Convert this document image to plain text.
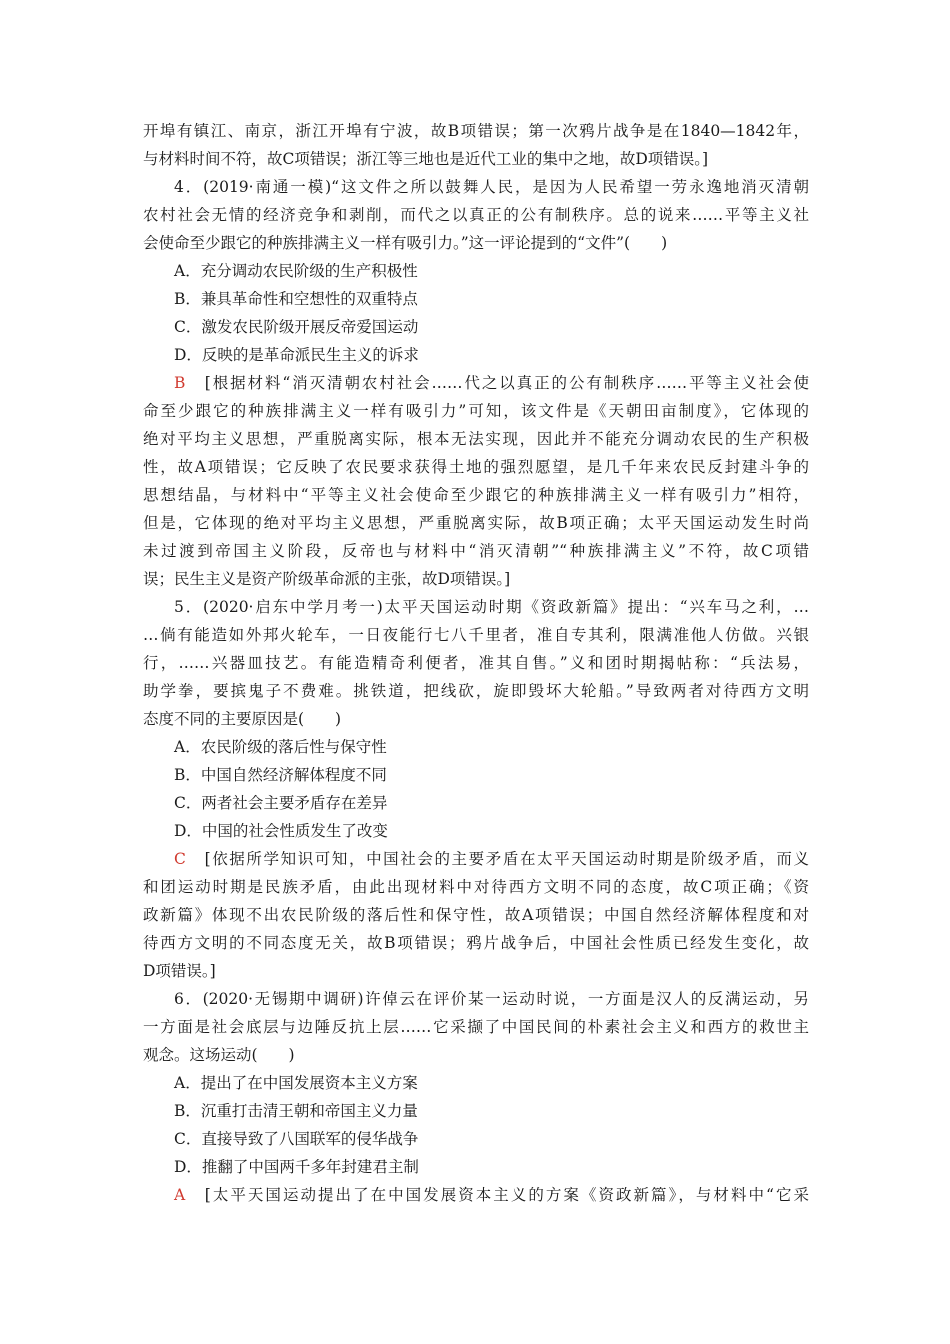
开埠有镇江、南京，浙江开埠有宁波，故B项错误；第一次鸦片战争是在1840—1842年，
与材料时间不符，故C项错误；浙江等三地也是近代工业的集中之地，故D项错误。]
4．(2019·南通一模)“这文件之所以鼓舞人民，是因为人民希望一劳永逸地消灭清朝
农村社会无情的经济竞争和剥削，而代之以真正的公有制秩序。总的说来……平等主义社
会使命至少跟它的种族排满主义一样有吸引力。”这一评论提到的“文件”(　　)
A．充分调动农民阶级的生产积极性
B．兼具革命性和空想性的双重特点
C．激发农民阶级开展反帝爱国运动
D．反映的是革命派民生主义的诉求
B　[根据材料“消灭清朝农村社会……代之以真正的公有制秩序……平等主义社会使
命至少跟它的种族排满主义一样有吸引力”可知，该文件是《天朝田亩制度》，它体现的
绝对平均主义思想，严重脱离实际，根本无法实现，因此并不能充分调动农民的生产积极
性，故A项错误；它反映了农民要求获得土地的强烈愿望，是几千年来农民反封建斗争的
思想结晶，与材料中“平等主义社会使命至少跟它的种族排满主义一样有吸引力”相符，
但是，它体现的绝对平均主义思想，严重脱离实际，故B项正确；太平天国运动发生时尚
未过渡到帝国主义阶段，反帝也与材料中“消灭清朝”“种族排满主义”不符，故C项错
误；民生主义是资产阶级革命派的主张，故D项错误。]
5．(2020·启东中学月考一)太平天国运动时期《资政新篇》提出：“兴车马之利，…
…倘有能造如外邦火轮车，一日夜能行七八千里者，准自专其利，限满准他人仿做。兴银
行，……兴器皿技艺。有能造精奇利便者，准其自售。”义和团时期揭帖称：“兵法易，
助学拳，要摈鬼子不费难。挑铁道，把线砍，旋即毁坏大轮船。”导致两者对待西方文明
态度不同的主要原因是(　　)
A．农民阶级的落后性与保守性
B．中国自然经济解体程度不同
C．两者社会主要矛盾存在差异
D．中国的社会性质发生了改变
C　[依据所学知识可知，中国社会的主要矛盾在太平天国运动时期是阶级矛盾，而义
和团运动时期是民族矛盾，由此出现材料中对待西方文明不同的态度，故C项正确；《资
政新篇》体现不出农民阶级的落后性和保守性，故A项错误；中国自然经济解体程度和对
待西方文明的不同态度无关，故B项错误；鸦片战争后，中国社会性质已经发生变化，故
D项错误。]
6．(2020·无锡期中调研)许倬云在评价某一运动时说，一方面是汉人的反满运动，另
一方面是社会底层与边陲反抗上层……它采撷了中国民间的朴素社会主义和西方的救世主
观念。这场运动(　　)
A．提出了在中国发展资本主义方案
B．沉重打击清王朝和帝国主义力量
C．直接导致了八国联军的侵华战争
D．推翻了中国两千多年封建君主制
A　[太平天国运动提出了在中国发展资本主义的方案《资政新篇》，与材料中“它采
